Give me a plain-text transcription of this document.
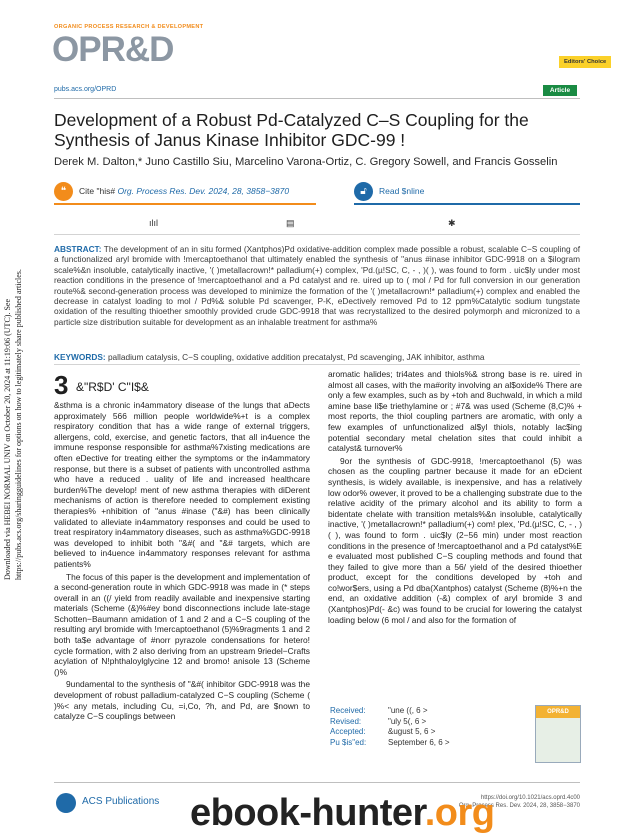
Downloaded via HEBEI NORMAL UNIV on October 20, 2024 at 11:19:06 (UTC). See https://pubs.acs.org/sharingguidelines for options on how to legitimately share published articles.
ORGANIC PROCESS RESEARCH & DEVELOPMENT
OPR&D	Editors' Choice
pubs.acs.org/OPRD	Article
Development of a Robust Pd-Catalyzed C–S Coupling for the Synthesis of Janus Kinase Inhibitor GDC-99 !
Derek M. Dalton,* Juno Castillo Siu, Marcelino Varona-Ortiz, C. Gregory Sowell, and Francis Gosselin
❝	Cite "his# Org. Process Res. Dev. 2024, 28, 3858−3870	🔓︎	Read $nline
ılıl	▤	✱
ABSTRACT: The development of an in situ formed (Xantphos)Pd oxidative-addition complex made possible a robust, scalable C−S coupling of a functionalized aryl bromide with !mercaptoethanol that ultimately enabled the synthesis of "anus #inase inhibitor GDC-9918 on a $ilogram scale%&n insoluble, catalytically inactive, '( )metallacrown!* palladium(+) complex, 'Pd.(µ!SC, C, - , )( ), was found to form . uic$ly under most reaction conditions in the presence of !mercaptoethanol and a Pd catalyst and re. uired up to ( mol / Pd for full conversion in our generation route%& second-generation process was developed to minimize the formation of the '( )metallacrown!* palladium(+) complex and enabled the decrease in catalyst loading to mol / Pd%& soluble Pd scavenger, P-K, eDectively removed Pd to 12 ppm%Catalytic sodium tungstate oxidation of the resulting thioether smoothly provided crude GDC-9918 that was recrystallized to the desired polymorph and micronized to a particle size distribution suitable for development as an inhalable treatment for asthma%
KEYWORDS: palladium catalysis, C−S coupling, oxidative addition precatalyst, Pd scavenging, JAK inhibitor, asthma
3 &"R$D' C"I$&

&sthma is a chronic in4ammatory disease of the lungs that aDects approximately 566 million people worldwide%+t is a complex respiratory condition that has a wide range of external triggers, allergens, cold, exercise, and genetic factors, that all in4uence the immune response responsible for asthma%7xisting medications are often eDective for treating either the symptoms or the in4ammatory response, but there is a subset of patients with uncontrolled asthma who have a reduced . uality of life and increased healthcare burden%The develop! ment of new asthma therapies with diDerent mechanisms of action is therefore needed to complement existing therapies% +nhibition of "anus #inase ("&#) has been clinically validated to alleviate in4ammatory responses and could be used to treat respiratory in4ammatory diseases, such as asthma%GDC-9918 was developed to inhibit both "&#( and "&# targets, which are believed to in4uence in4ammatory responses relevant for asthma patients%

The focus of this paper is the development and implementation of a second-generation route in which GDC-9918 was made in (* steps overall in an ((/ yield from readily available and inexpensive starting materials (Scheme (&)%#ey bond disconnections include late-stage Schotten−Baumann amidation of 1 and 2 and a C−S coupling of the resulting aryl bromide with !mercaptoethanol (5)%9ragments 1 and 2 both ta$e advantage of #norr pyrazole condensations for hetero! cycle formation, with 2 also deriving from an upstream 9riedel−Crafts acylation of N!phthaloylglycine 12 and bromo! anisole 13 (Scheme ()%

9undamental to the synthesis of "&#( inhibitor GDC-9918 was the development of robust palladium-catalyzed C−S coupling (Scheme ( )%< any metals, including Cu, =i,Co, ?h, and Pd, are $nown to catalyze C−S couplings between

aromatic halides; tri4ates and thiols%& strong base is re. uired in almost all cases, with the ma#ority involving an al$oxide% There are only a few examples, such as by +toh and 8uchwald, in which a mild amine base li$e triethylamine or ; #7& was used (Scheme (8,C)% + most reports, the thiol coupling partners are aromatic, with only a few examples of unfunctionalized al$yl thiols, notably lac$ing potential secondary metal chelation sites that could inhibit a catalyst& turnover%

9or the synthesis of GDC-9918, !mercaptoethanol (5) was chosen as the coupling partner because it made for an eDcient synthesis, is widely available, is inexpensive, and has a relatively low odor% owever, it proved to be a challenging substrate due to the relative acidity of the primary alcohol and its ability to form a bidentate chelate with transition metals%&n insoluble, catalytically inactive, '( )metallacrown!* palladium(+) com! plex, 'Pd.(µ!SC, C, - , )( ), was found to form . uic$ly (2−56 min) under most reaction conditions in the presence of !mercaptoethanol and a Pd catalyst%E e evaluated most published C−S coupling methods and found that they failed to give more than a 56/ yield of the desired thioether product, except for the conditions developed by +toh and co!wor$ers, using a Pd dba(Xantphos) catalyst (Scheme (8)%+n the end, an oxidative addition (-&) complex of aryl bromide 3 and (Xantphos)Pd(- &c) was found to be crucial for lowering the catalyst loading below (6 mol / and also for the formation of

Received:	"une ((, 6 >
Revised:	"uly 5(, 6 >
Accepted:	&ugust 5, 6 >
Pu $is"ed:	September 6, 6 >
OPR&D
ACS Publications	https://doi.org/10.1021/acs.oprd.4c00
Org. Process Res. Dev. 2024, 28, 3858−3870
ebook-hunter.org
